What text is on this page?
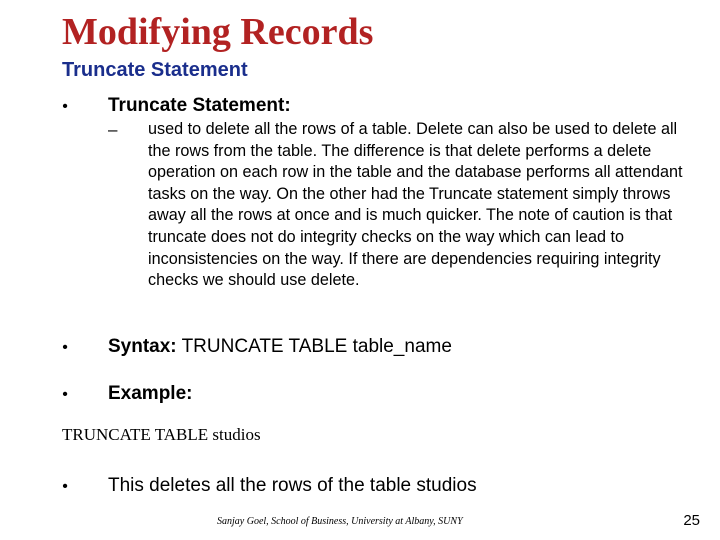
Modifying Records
Truncate Statement
• Truncate Statement:
– used to delete all the rows of a table. Delete can also be used to delete all the rows from the table. The difference is that delete performs a delete operation on each row in the table and the database performs all attendant tasks on the way. On the other had the Truncate statement simply throws away all the rows at once and is much quicker. The note of caution is that truncate does not do integrity checks on the way which can lead to inconsistencies on the way. If there are dependencies requiring integrity checks we should use delete.

• Syntax: TRUNCATE TABLE table_name
• Example:
TRUNCATE TABLE studios
• This deletes all the rows of the table studios
Sanjay Goel, School of Business, University at Albany, SUNY	25
